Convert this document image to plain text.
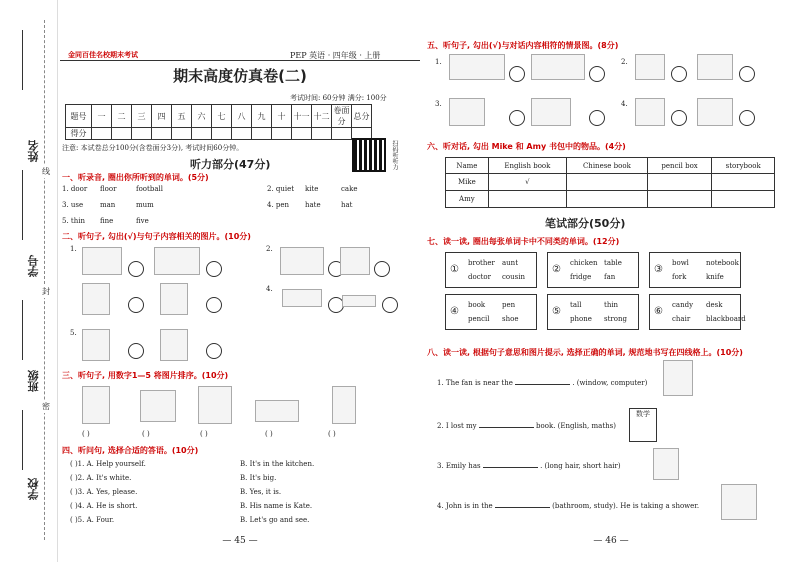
姓名
学号
班级
学校
线
封
密
金同百佳名校期末考试	PEP 英语 · 四年级 · 上册
期末高度仿真卷(二)
考试时间: 60分钟 满分: 100分
题号	一	二	三	四	五	六	七	八	九	十	十一	十二	卷面分	总分
得分														
注意: 本试卷总分100分(含卷面分3分), 考试时间60分钟。	扫码听听力
听力部分(47分)
一、听录音, 圈出你所听到的单词。(5分)
1. door	floor	football	2. quiet	kite	cake
3. use	man	mum	4. pen	hate	hat
5. thin	fine	five
二、听句子, 勾出(√)与句子内容相关的图片。(10分)
1.	2.
4.
5.
三、听句子, 用数字1—5 将图片排序。(10分)
( )	( )	( )	( )	( )
四、听问句, 选择合适的答语。(10分)
( )1. A. Help yourself.	B. It's in the kitchen.
( )2. A. It's white.	B. It's big.
( )3. A. Yes, please.	B. Yes, it is.
( )4. A. He is short.	B. His name is Kate.
( )5. A. Four.	B. Let's go and see.
— 45 —
五、听句子, 勾出(√)与对话内容相符的情景图。(8分)
1.	2.
3.	4.
六、听对话, 勾出 Mike 和 Amy 书包中的物品。(4分)
Name	English book	Chinese book	pencil box	storybook
Mike	√			
Amy				
笔试部分(50分)
七、读一读, 圈出每张单词卡中不同类的单词。(12分)
①
brother aunt
doctor cousin
②
chicken table
fridge fan
③
bowl notebook
fork	knife
④
book pen
pencil shoe
⑤
tall	thin
phone strong
⑥
candy desk
chair blackboard
八、读一读, 根据句子意思和图片提示, 选择正确的单词, 规范地书写在四线格上。(10分)
1. The fan is near the	. (window, computer)
2. I lost my	book. (English, maths)
数学
3. Emily has	. (long hair, short hair)
4. John is in the	(bathroom, study). He is taking a shower.
— 46 —
